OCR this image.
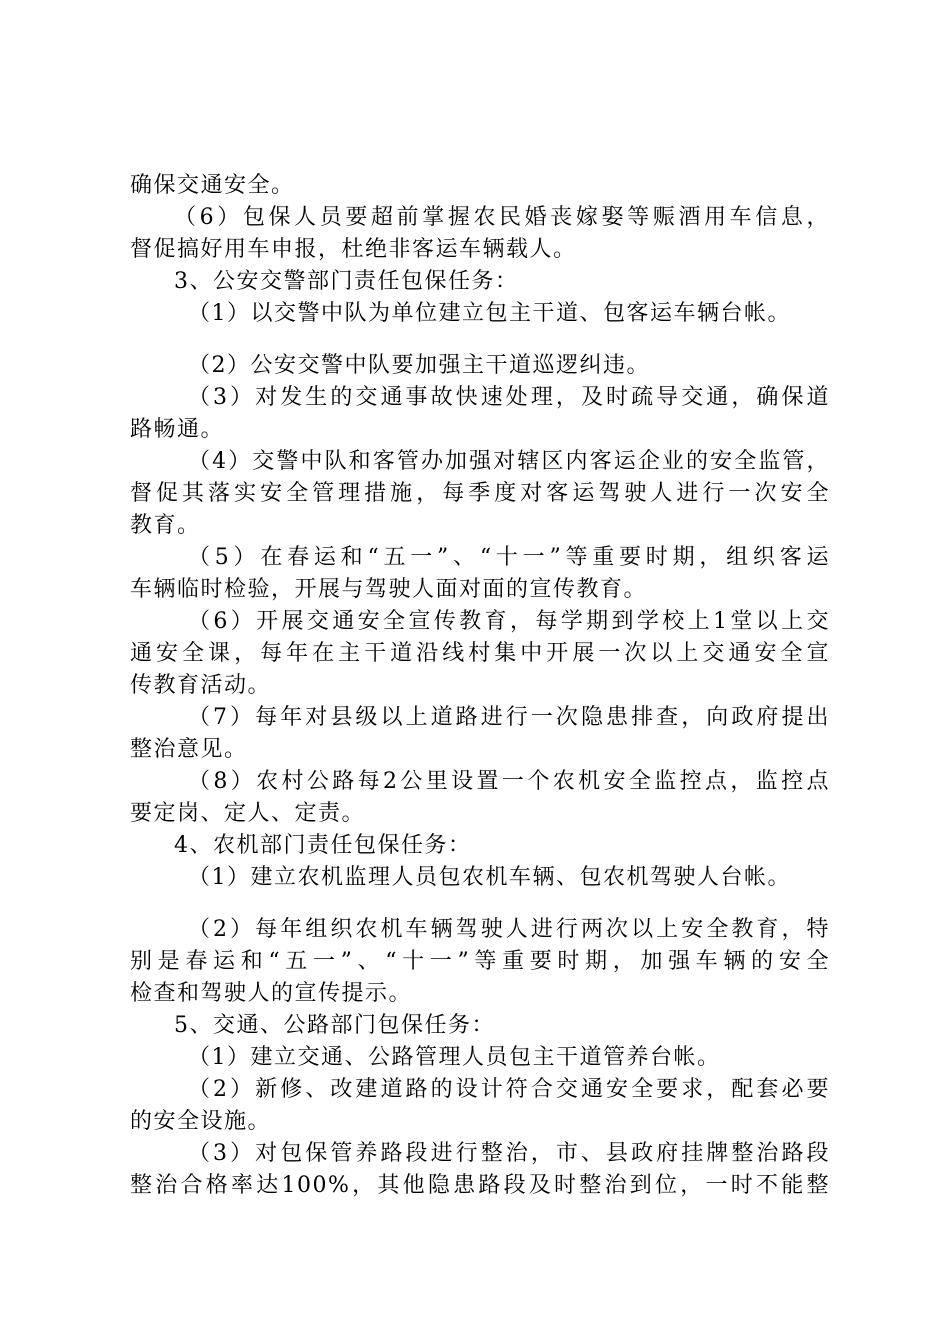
确保交通安全。
（6）包保人员要超前掌握农民婚丧嫁娶等赈酒用车信息，
督促搞好用车申报，杜绝非客运车辆载人。
3、公安交警部门责任包保任务：
（1）以交警中队为单位建立包主干道、包客运车辆台帐。
（2）公安交警中队要加强主干道巡逻纠违。
（3）对发生的交通事故快速处理，及时疏导交通，确保道
路畅通。
（4）交警中队和客管办加强对辖区内客运企业的安全监管，
督促其落实安全管理措施，每季度对客运驾驶人进行一次安全
教育。
（5）在春运和“五一”、“十一”等重要时期，组织客运
车辆临时检验，开展与驾驶人面对面的宣传教育。
（6）开展交通安全宣传教育，每学期到学校上1堂以上交
通安全课，每年在主干道沿线村集中开展一次以上交通安全宣
传教育活动。
（7）每年对县级以上道路进行一次隐患排查，向政府提出
整治意见。
（8）农村公路每2公里设置一个农机安全监控点，监控点
要定岗、定人、定责。
4、农机部门责任包保任务：
（1）建立农机监理人员包农机车辆、包农机驾驶人台帐。
（2）每年组织农机车辆驾驶人进行两次以上安全教育，特
别是春运和“五一”、“十一”等重要时期，加强车辆的安全
检查和驾驶人的宣传提示。
5、交通、公路部门包保任务：
（1）建立交通、公路管理人员包主干道管养台帐。
（2）新修、改建道路的设计符合交通安全要求，配套必要
的安全设施。
（3）对包保管养路段进行整治，市、县政府挂牌整治路段
整治合格率达100%，其他隐患路段及时整治到位，一时不能整
